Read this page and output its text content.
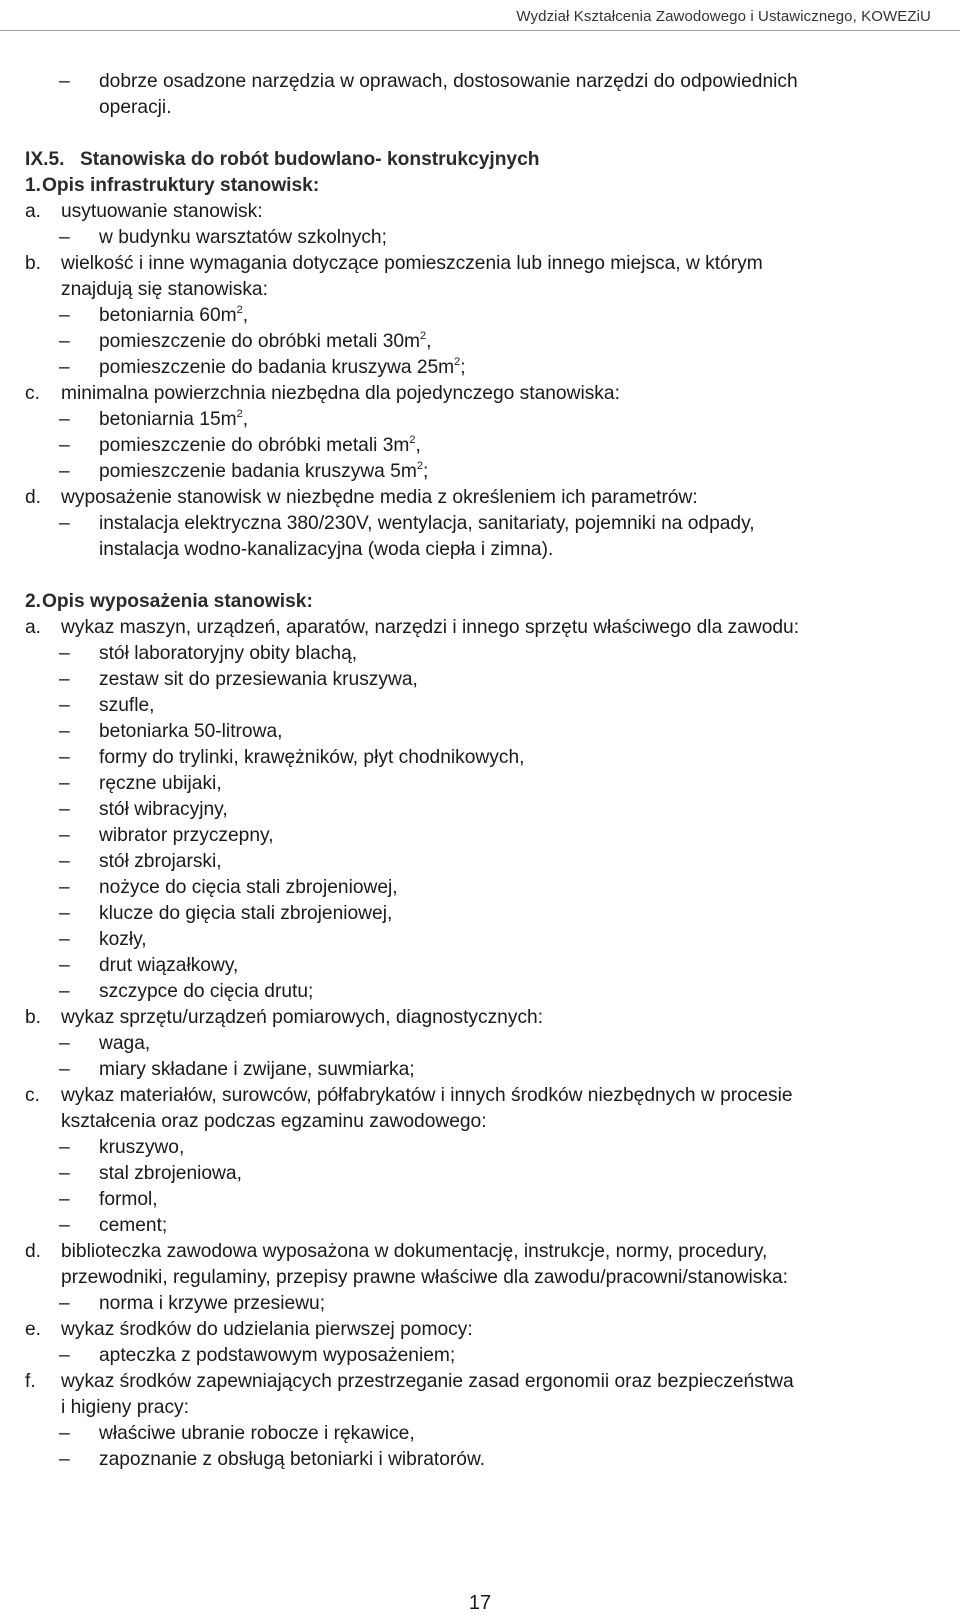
Wydział Kształcenia Zawodowego i Ustawicznego, KOWEZiU
– dobrze osadzone narzędzia w oprawach, dostosowanie narzędzi do odpowiednich
operacji.
IX.5. Stanowiska do robót budowlano- konstrukcyjnych
1. Opis infrastruktury stanowisk:
a. usytuowanie stanowisk:
– w budynku warsztatów szkolnych;
b. wielkość i inne wymagania dotyczące pomieszczenia lub innego miejsca, w którym
znajdują się stanowiska:
– betoniarnia $60m^2$,
– pomieszczenie do obróbki metali $30m^2$,
– pomieszczenie do badania kruszywa $25m^2$;
c. minimalna powierzchnia niezbędna dla pojedynczego stanowiska:
– betoniarnia $15m^2$,
– pomieszczenie do obróbki metali $3m^2$,
– pomieszczenie badania kruszywa $5m^2$;
d. wyposażenie stanowisk w niezbędne media z określeniem ich parametrów:
– instalacja elektryczna 380/230V, wentylacja, sanitariaty, pojemniki na odpady,
instalacja wodno-kanalizacyjna (woda ciepła i zimna).
2. Opis wyposażenia stanowisk:
a. wykaz maszyn, urządzeń, aparatów, narzędzi i innego sprzętu właściwego dla zawodu:
– stół laboratoryjny obity blachą,
– zestaw sit do przesiewania kruszywa,
– szufle,
– betoniarka 50-litrowa,
– formy do trylinki, krawężników, płyt chodnikowych,
– ręczne ubijaki,
– stół wibracyjny,
– wibrator przyczepny,
– stół zbrojarski,
– nożyce do cięcia stali zbrojeniowej,
– klucze do gięcia stali zbrojeniowej,
– kozły,
– drut wiązałkowy,
– szczypce do cięcia drutu;
b. wykaz sprzętu/urządzeń pomiarowych, diagnostycznych:
– waga,
– miary składane i zwijane, suwmiarka;
c. wykaz materiałów, surowców, półfabrykatów i innych środków niezbędnych w procesie
kształcenia oraz podczas egzaminu zawodowego:
– kruszywo,
– stal zbrojeniowa,
– formol,
– cement;
d. biblioteczka zawodowa wyposażona w dokumentację, instrukcje, normy, procedury,
przewodniki, regulaminy, przepisy prawne właściwe dla zawodu/pracowni/stanowiska:
– norma i krzywe przesiewu;
e. wykaz środków do udzielania pierwszej pomocy:
– apteczka z podstawowym wyposażeniem;
f. wykaz środków zapewniających przestrzeganie zasad ergonomii oraz bezpieczeństwa
i higieny pracy:
– właściwe ubranie robocze i rękawice,
– zapoznanie z obsługą betoniarki i wibratorów.
17
